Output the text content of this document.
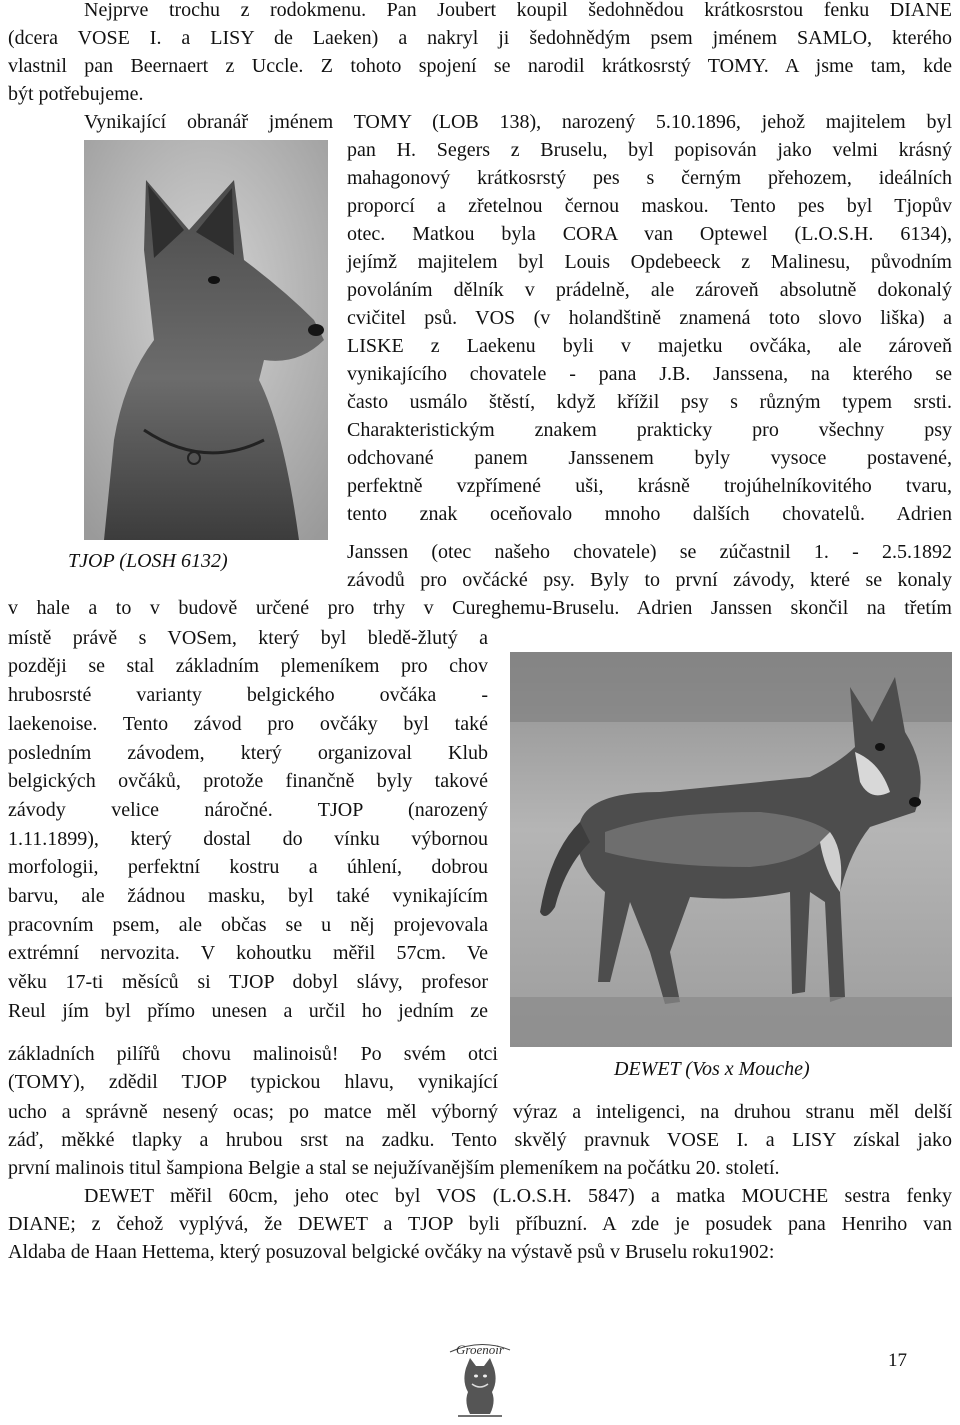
Nejprve trochu z rodokmenu. Pan Joubert koupil šedohnědou krátkosrstou fenku DIANE
(dcera VOSE I. a LISY de Laeken) a nakryl ji šedohnědým psem jménem SAMLO, kterého
vlastnil pan Beernaert z Uccle. Z tohoto spojení se narodil krátkosrstý TOMY. A jsme tam, kde
být potřebujeme.
Vynikající obranář jménem TOMY (LOB 138), narozený 5.10.1896, jehož majitelem byl
pan H. Segers z Bruselu, byl popisován jako velmi krásný
mahagonový krátkosrstý pes s černým přehozem, ideálních
proporcí a zřetelnou černou maskou. Tento pes byl Tjopův
otec. Matkou byla CORA van Optewel (L.O.S.H. 6134),
jejímž majitelem byl Louis Opdebeeck z Malinesu, původním
povoláním dělník v prádelně, ale zároveň absolutně dokonalý
cvičitel psů. VOS (v holandštině znamená toto slovo liška) a
LISKE z Laekenu byli v majetku ovčáka, ale zároveň
vynikajícího chovatele - pana J.B. Janssena, na kterého se
často usmálo štěstí, když křížil psy s různým typem srsti.
Charakteristickým znakem prakticky pro všechny psy
odchované panem Janssenem byly vysoce postavené,
perfektně vzpřímené uši, krásně trojúhelníkovitého tvaru,
tento znak oceňovalo mnoho dalších chovatelů. Adrien
Janssen (otec našeho chovatele) se zúčastnil 1. - 2.5.1892
závodů pro ovčácké psy. Byly to první závody, které se konaly
TJOP (LOSH 6132)
v hale a to v budově určené pro trhy v Cureghemu-Bruselu. Adrien Janssen skončil na třetím
místě právě s VOSem, který byl bledě-žlutý a
později se stal základním plemeníkem pro chov
hrubosrsté varianty belgického ovčáka -
laekenoise. Tento závod pro ovčáky byl také
posledním závodem, který organizoval Klub
belgických ovčáků, protože finančně byly takové
závody velice náročné. TJOP (narozený
1.11.1899), který dostal do vínku výbornou
morfologii, perfektní kostru a úhlení, dobrou
barvu, ale žádnou masku, byl také vynikajícím
pracovním psem, ale občas se u něj projevovala
extrémní nervozita. V kohoutku měřil 57cm. Ve
věku 17-ti měsíců si TJOP dobyl slávy, profesor
Reul jím byl přímo unesen a určil ho jedním ze
základních pilířů chovu malinoisů! Po svém otci
(TOMY), zdědil TJOP typickou hlavu, vynikající
DEWET (Vos x Mouche)
ucho a správně nesený ocas; po matce měl výborný výraz a inteligenci, na druhou stranu měl delší
záď, měkké tlapky a hrubou srst na zadku. Tento skvělý pravnuk VOSE I. a LISY získal jako
první malinois titul šampiona Belgie a stal se nejužívanějším plemeníkem na počátku 20. století.
DEWET měřil 60cm, jeho otec byl VOS (L.O.S.H. 5847) a matka MOUCHE sestra fenky
DIANE; z čehož vyplývá, že DEWET a TJOP byli příbuzní. A zde je posudek pana Henriho van
Aldaba de Haan Hettema, který posuzoval belgické ovčáky na výstavě psů v Bruselu roku1902:
Groenoir
17
